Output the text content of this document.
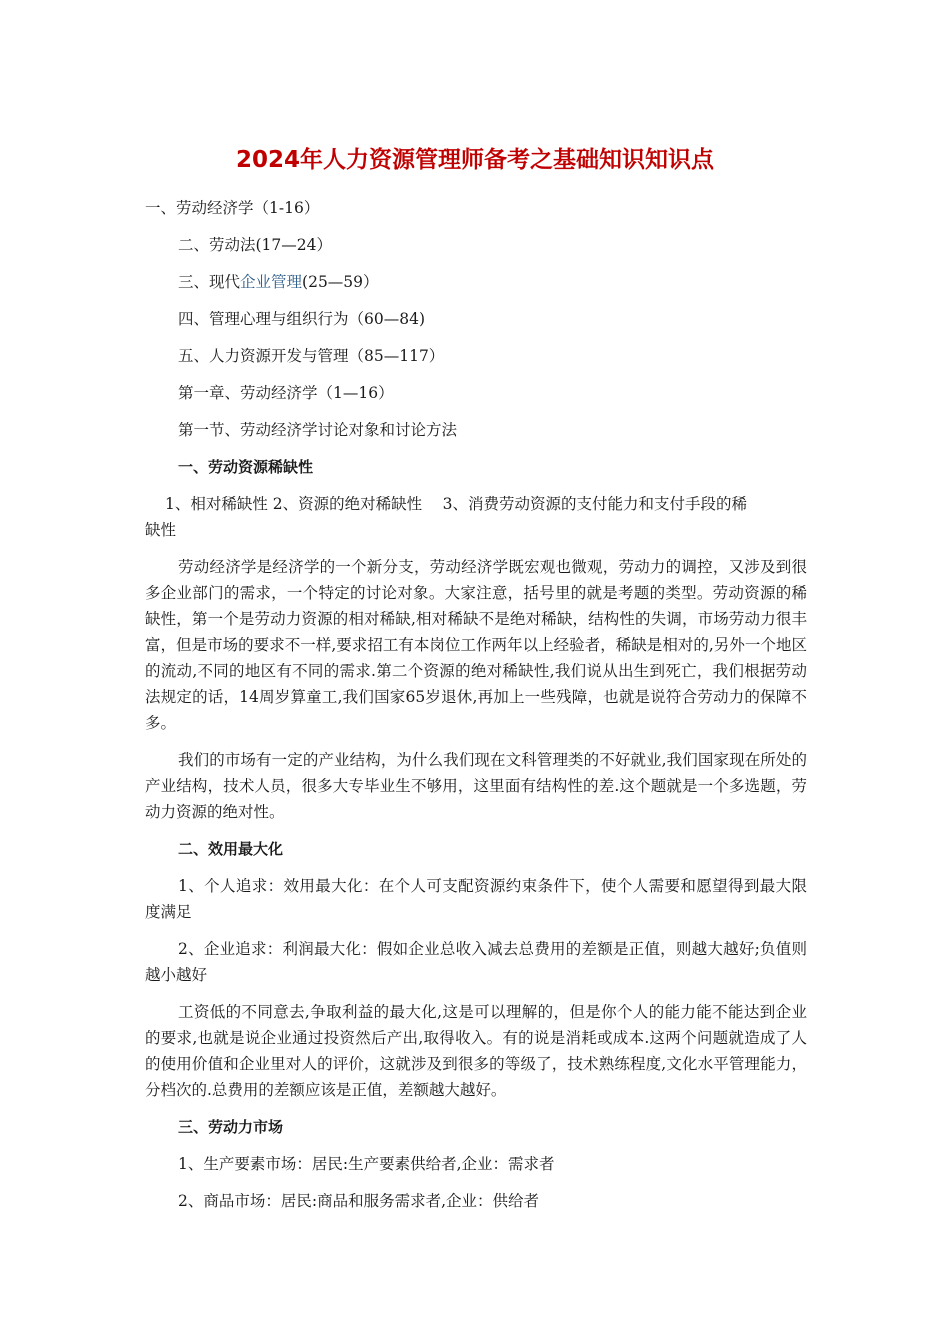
2024年人力资源管理师备考之基础知识知识点

一、劳动经济学（1-16）

二、劳动法(17—24）

三、现代企业管理(25—59）

四、管理心理与组织行为（60—84)

五、人力资源开发与管理（85—117）

第一章、劳动经济学（1—16）

第一节、劳动经济学讨论对象和讨论方法

一、劳动资源稀缺性

1、相对稀缺性 2、资源的绝对稀缺性　 3、消费劳动资源的支付能力和支付手段的稀
缺性

劳动经济学是经济学的一个新分支，劳动经济学既宏观也微观，劳动力的调控，又涉及到很多企业部门的需求，一个特定的讨论对象。大家注意，括号里的就是考题的类型。劳动资源的稀缺性，第一个是劳动力资源的相对稀缺,相对稀缺不是绝对稀缺，结构性的失调，市场劳动力很丰富，但是市场的要求不一样,要求招工有本岗位工作两年以上经验者，稀缺是相对的,另外一个地区的流动,不同的地区有不同的需求.第二个资源的绝对稀缺性,我们说从出生到死亡，我们根据劳动法规定的话，14周岁算童工,我们国家65岁退休,再加上一些残障，也就是说符合劳动力的保障不多。

我们的市场有一定的产业结构，为什么我们现在文科管理类的不好就业,我们国家现在所处的产业结构，技术人员，很多大专毕业生不够用，这里面有结构性的差.这个题就是一个多选题，劳动力资源的绝对性。

二、效用最大化

1、个人追求：效用最大化：在个人可支配资源约束条件下，使个人需要和愿望得到最大限度满足

2、企业追求：利润最大化：假如企业总收入减去总费用的差额是正值，则越大越好;负值则越小越好

工资低的不同意去,争取利益的最大化,这是可以理解的，但是你个人的能力能不能达到企业的要求,也就是说企业通过投资然后产出,取得收入。有的说是消耗或成本.这两个问题就造成了人的使用价值和企业里对人的评价，这就涉及到很多的等级了，技术熟练程度,文化水平管理能力，分档次的.总费用的差额应该是正值，差额越大越好。

三、劳动力市场

1、生产要素市场：居民:生产要素供给者,企业：需求者

2、商品市场：居民:商品和服务需求者,企业：供给者
